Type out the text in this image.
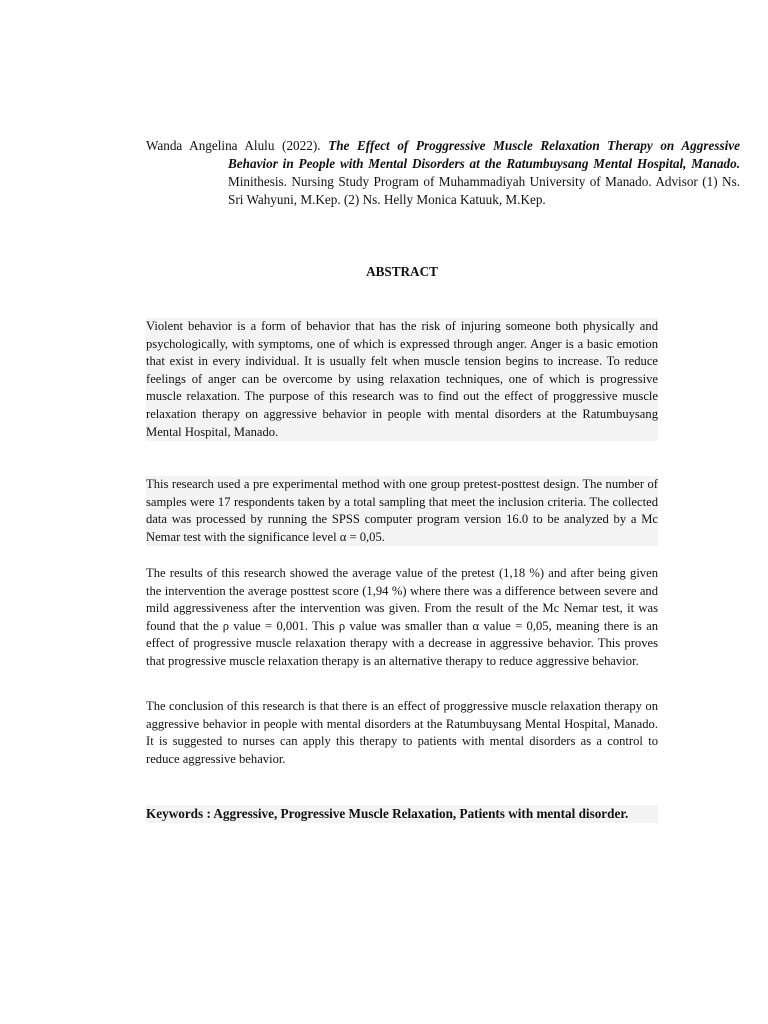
Wanda Angelina Alulu (2022). The Effect of Proggressive Muscle Relaxation Therapy on Aggressive Behavior in People with Mental Disorders at the Ratumbuysang Mental Hospital, Manado. Minithesis. Nursing Study Program of Muhammadiyah University of Manado. Advisor (1) Ns. Sri Wahyuni, M.Kep. (2) Ns. Helly Monica Katuuk, M.Kep.
ABSTRACT

Violent behavior is a form of behavior that has the risk of injuring someone both physically and psychologically, with symptoms, one of which is expressed through anger. Anger is a basic emotion that exist in every individual. It is usually felt when muscle tension begins to increase. To reduce feelings of anger can be overcome by using relaxation techniques, one of which is progressive muscle relaxation. The purpose of this research was to find out the effect of proggressive muscle relaxation therapy on aggressive behavior in people with mental disorders at the Ratumbuysang Mental Hospital, Manado.

This research used a pre experimental method with one group pretest-posttest design. The number of samples were 17 respondents taken by a total sampling that meet the inclusion criteria. The collected data was processed by running the SPSS computer program version 16.0 to be analyzed by a Mc Nemar test with the significance level α = 0,05.

The results of this research showed the average value of the pretest (1,18 %) and after being given the intervention the average posttest score (1,94 %) where there was a difference between severe and mild aggressiveness after the intervention was given. From the result of the Mc Nemar test, it was found that the ρ value = 0,001. This ρ value was smaller than α value = 0,05, meaning there is an effect of progressive muscle relaxation therapy with a decrease in aggressive behavior. This proves that progressive muscle relaxation therapy is an alternative therapy to reduce aggressive behavior.

The conclusion of this research is that there is an effect of proggressive muscle relaxation therapy on aggressive behavior in people with mental disorders at the Ratumbuysang Mental Hospital, Manado. It is suggested to nurses can apply this therapy to patients with mental disorders as a control to reduce aggressive behavior.

Keywords : Aggressive, Progressive Muscle Relaxation, Patients with mental disorder.
